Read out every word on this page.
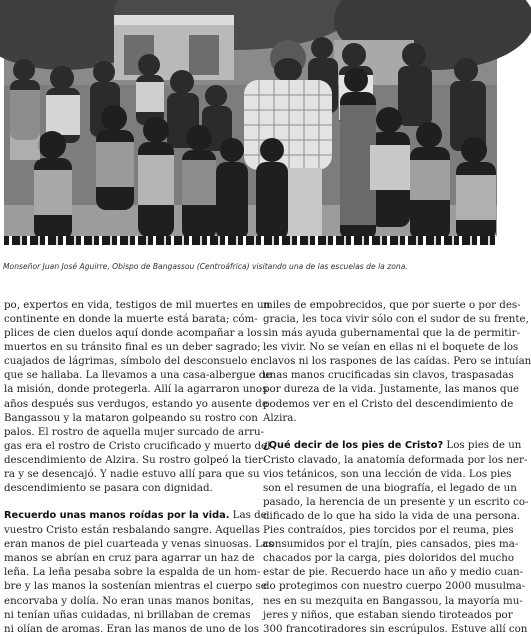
Monseñor Juan José Aguirre, Obispo de Bangassou (Centroáfrica) visitando una de las escuelas de la zona.

po, expertos en vida, testigos de mil muertes en un
continente en donde la muerte está barata; cóm-
plices de cien duelos aquí donde acompañar a los
muertos en su tránsito final es un deber sagrado;
cuajados de lágrimas, símbolo del desconsuelo en
que se hallaba. La llevamos a una casa-albergue de
la misión, donde protegerla. Allí la agarraron unos
años después sus verdugos, estando yo ausente de
Bangassou y la mataron golpeando su rostro con
palos. El rostro de aquella mujer surcado de arru-
gas era el rostro de Cristo crucificado y muerto del
descendimiento de Alzira. Su rostro golpeó la tier-
ra y se desencajó. Y nadie estuvo allí para que su
descendimiento se pasara con dignidad.

Recuerdo unas manos roídas por la vida. Las de
vuestro Cristo están resbalando sangre. Aquellas
eran manos de piel cuarteada y venas sinuosas. Las
manos se abrían en cruz para agarrar un haz de
leña. La leña pesaba sobre la espalda de un hom-
bre y las manos la sostenían mientras el cuerpo se
encorvaba y dolía. No eran unas manos bonitas,
ni tenían uñas cuidadas, ni brillaban de cremas
ni olían de aromas. Eran las manos de uno de los

miles de empobrecidos, que por suerte o por des-
gracia, les toca vivir sólo con el sudor de su frente,
sin más ayuda gubernamental que la de permitir-
les vivir. No se veían en ellas ni el boquete de los
clavos ni los raspones de las caídas. Pero se intuían
unas manos crucificadas sin clavos, traspasadas
por dureza de la vida. Justamente, las manos que
podemos ver en el Cristo del descendimiento de
Alzira.

¿Qué decir de los pies de Cristo? Los pies de un
Cristo clavado, la anatomía deformada por los ner-
vios tetánicos, son una lección de vida. Los pies
son el resumen de una biografía, el legado de un
pasado, la herencia de un presente y un escrito co-
dificado de lo que ha sido la vida de una persona.
Pies contraídos, pies torcidos por el reuma, pies
consumidos por el trajín, pies cansados, pies ma-
chacados por la carga, pies doloridos del mucho
estar de pie. Recuerdo hace un año y medio cuan-
do protegimos con nuestro cuerpo 2000 musulma-
nes en su mezquita en Bangassou, la mayoría mu-
jeres y niños, que estaban siendo tiroteados por
300 francotiradores sin escrúpulos. Estuve allí con
